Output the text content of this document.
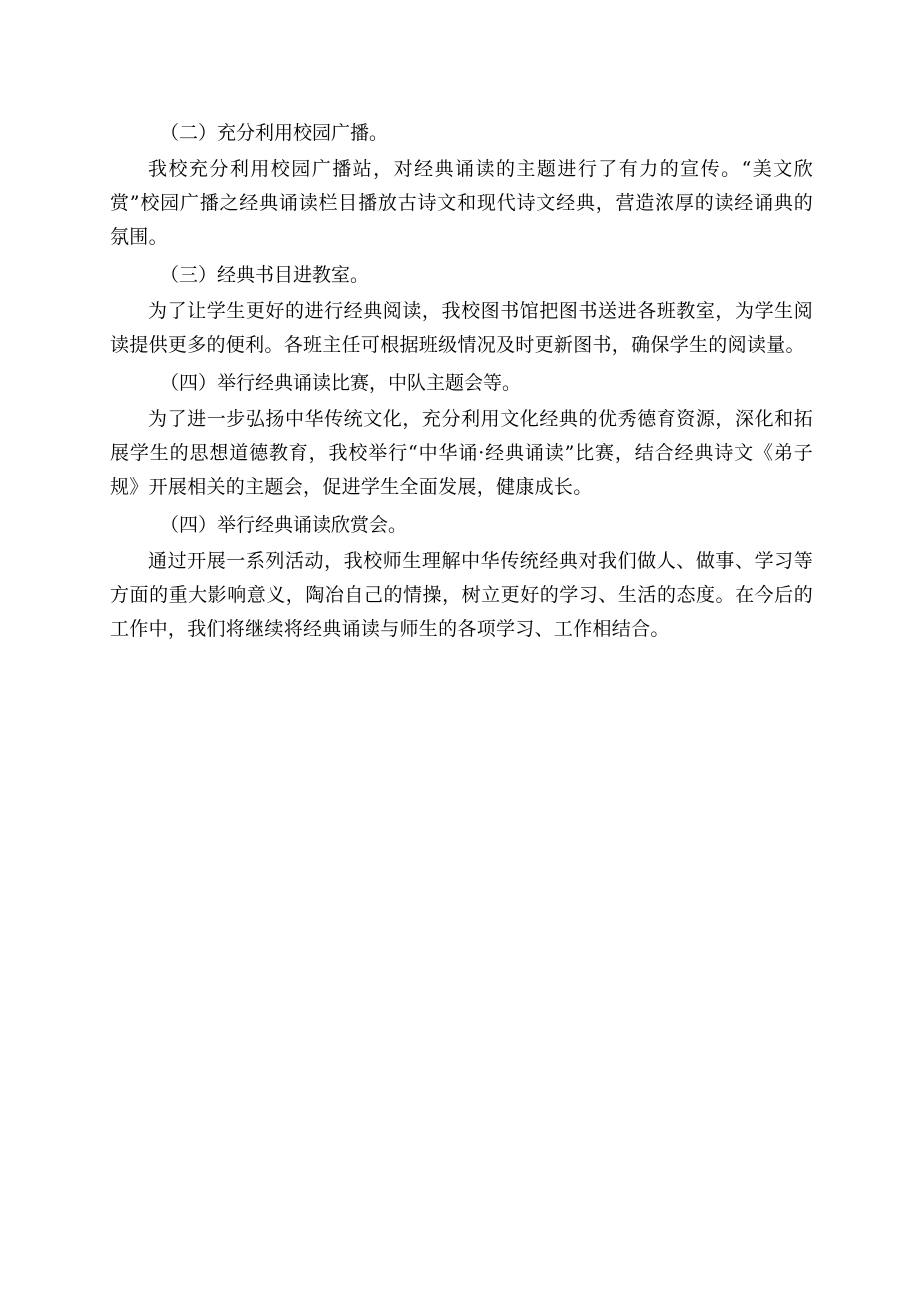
（二）充分利用校园广播。

我校充分利用校园广播站，对经典诵读的主题进行了有力的宣传。“美文欣赏”校园广播之经典诵读栏目播放古诗文和现代诗文经典，营造浓厚的读经诵典的氛围。

（三）经典书目进教室。

为了让学生更好的进行经典阅读，我校图书馆把图书送进各班教室，为学生阅读提供更多的便利。各班主任可根据班级情况及时更新图书，确保学生的阅读量。

（四）举行经典诵读比赛，中队主题会等。

为了进一步弘扬中华传统文化，充分利用文化经典的优秀德育资源，深化和拓展学生的思想道德教育，我校举行“中华诵·经典诵读”比赛，结合经典诗文《弟子规》开展相关的主题会，促进学生全面发展，健康成长。

（四）举行经典诵读欣赏会。

通过开展一系列活动，我校师生理解中华传统经典对我们做人、做事、学习等方面的重大影响意义，陶冶自己的情操，树立更好的学习、生活的态度。在今后的工作中，我们将继续将经典诵读与师生的各项学习、工作相结合。
